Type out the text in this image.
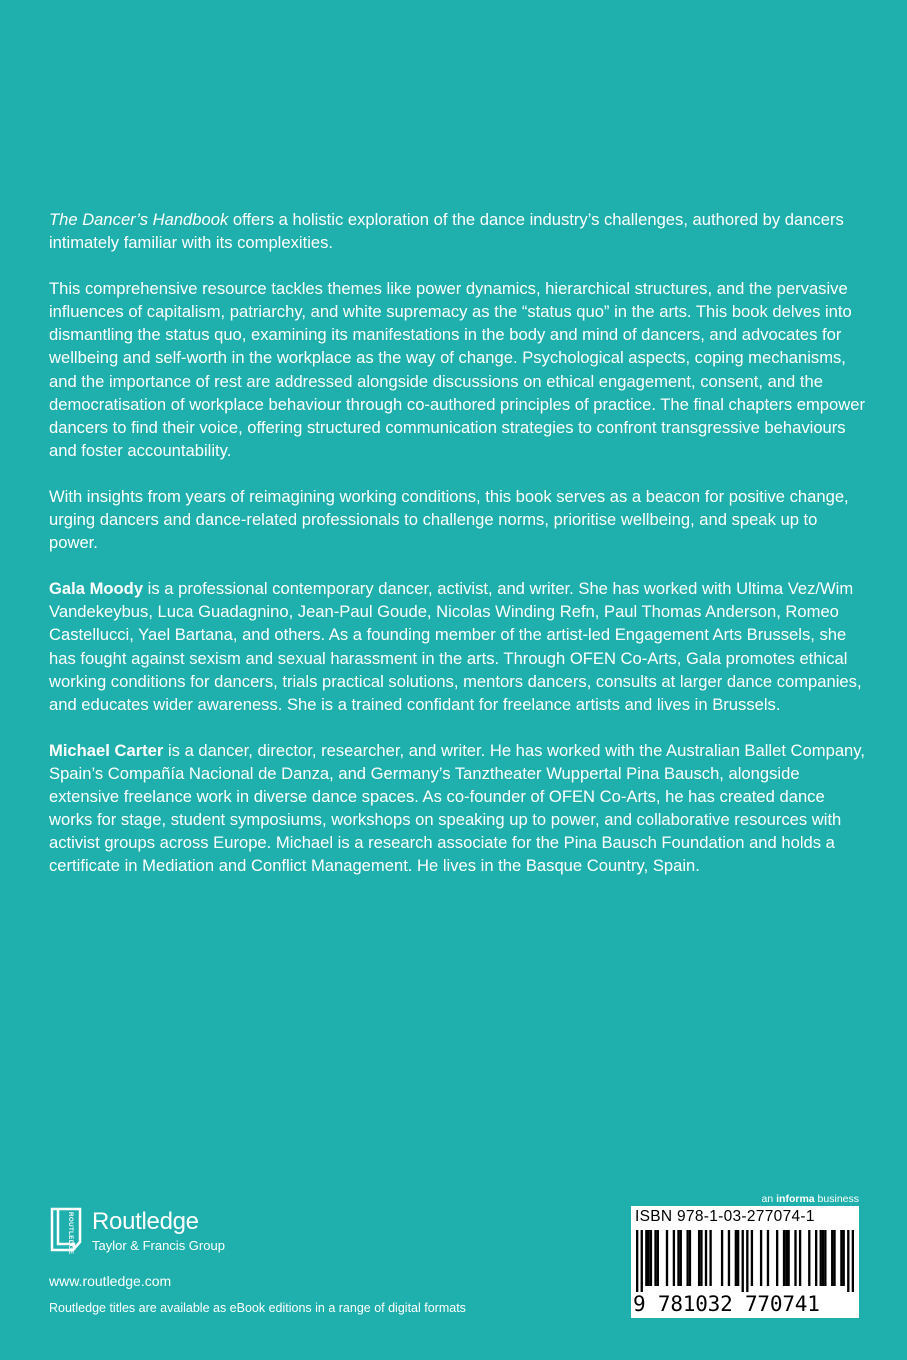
The Dancer’s Handbook offers a holistic exploration of the dance industry’s challenges, authored by dancers intimately familiar with its complexities.

This comprehensive resource tackles themes like power dynamics, hierarchical structures, and the pervasive influences of capitalism, patriarchy, and white supremacy as the “status quo” in the arts. This book delves into dismantling the status quo, examining its manifestations in the body and mind of dancers, and advocates for wellbeing and self-worth in the workplace as the way of change. Psychological aspects, coping mechanisms, and the importance of rest are addressed alongside discussions on ethical engagement, consent, and the democratisation of workplace behaviour through co-authored principles of practice. The final chapters empower dancers to find their voice, offering structured communication strategies to confront transgressive behaviours and foster accountability.

With insights from years of reimagining working conditions, this book serves as a beacon for positive change, urging dancers and dance-related professionals to challenge norms, prioritise wellbeing, and speak up to power.

Gala Moody is a professional contemporary dancer, activist, and writer. She has worked with Ultima Vez/Wim Vandekeybus, Luca Guadagnino, Jean-Paul Goude, Nicolas Winding Refn, Paul Thomas Anderson, Romeo Castellucci, Yael Bartana, and others. As a founding member of the artist-led Engagement Arts Brussels, she has fought against sexism and sexual harassment in the arts. Through OFEN Co-Arts, Gala promotes ethical working conditions for dancers, trials practical solutions, mentors dancers, consults at larger dance companies, and educates wider awareness. She is a trained confidant for freelance artists and lives in Brussels.

Michael Carter is a dancer, director, researcher, and writer. He has worked with the Australian Ballet Company, Spain’s Compañía Nacional de Danza, and Germany’s Tanztheater Wuppertal Pina Bausch, alongside extensive freelance work in diverse dance spaces. As co-founder of OFEN Co-Arts, he has created dance works for stage, student symposiums, workshops on speaking up to power, and collaborative resources with activist groups across Europe. Michael is a research associate for the Pina Bausch Foundation and holds a certificate in Mediation and Conflict Management. He lives in the Basque Country, Spain.

ROUTLEDGE Routledge
Taylor & Francis Group
www.routledge.com
Routledge titles are available as eBook editions in a range of digital formats
an informa business
ISBN 978-1-03-277074-1
9 781032 770741
